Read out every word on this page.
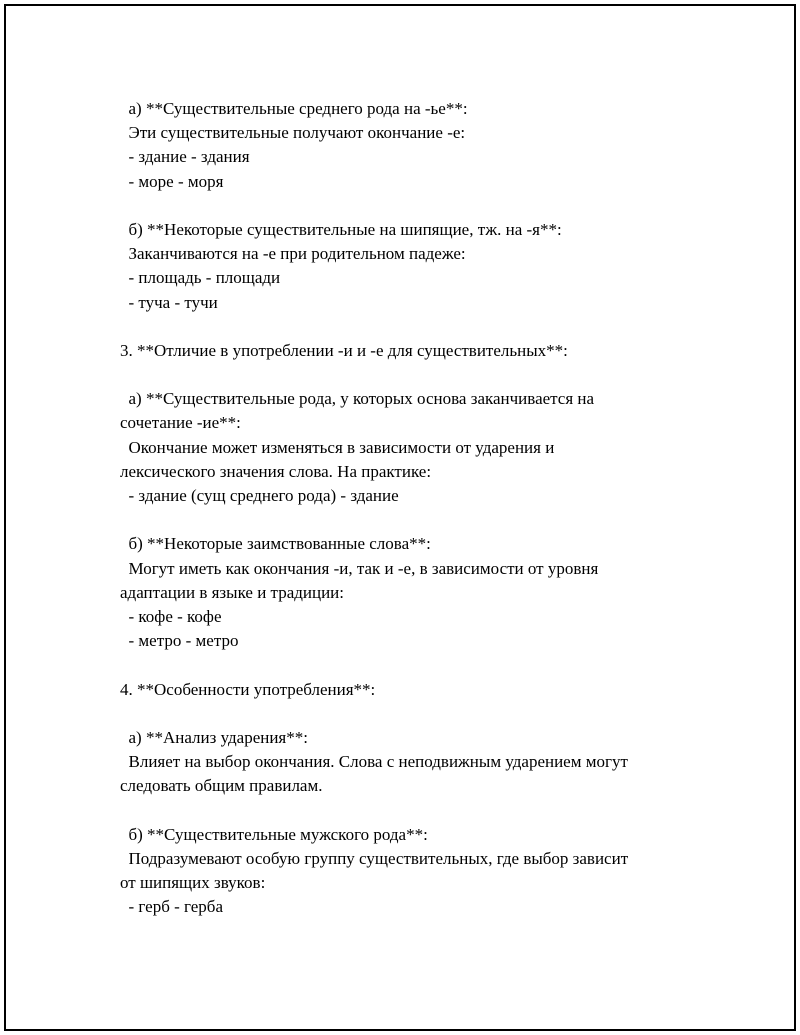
а) **Существительные среднего рода на -ье**:
Эти существительные получают окончание -е:
- здание - здания
- море - моря
б) **Некоторые существительные на шипящие, тж. на -я**:
Заканчиваются на -е при родительном падеже:
- площадь - площади
- туча - тучи
3. **Отличие в употреблении -и и -е для существительных**:
а) **Существительные рода, у которых основа заканчивается на
сочетание -ие**:
Окончание может изменяться в зависимости от ударения и
лексического значения слова. На практике:
- здание (сущ среднего рода) - здание
б) **Некоторые заимствованные слова**:
Могут иметь как окончания -и, так и -е, в зависимости от уровня
адаптации в языке и традиции:
- кофе - кофе
- метро - метро
4. **Особенности употребления**:
а) **Анализ ударения**:
Влияет на выбор окончания. Слова с неподвижным ударением могут
следовать общим правилам.
б) **Существительные мужского рода**:
Подразумевают особую группу существительных, где выбор зависит
от шипящих звуков:
- герб - герба
